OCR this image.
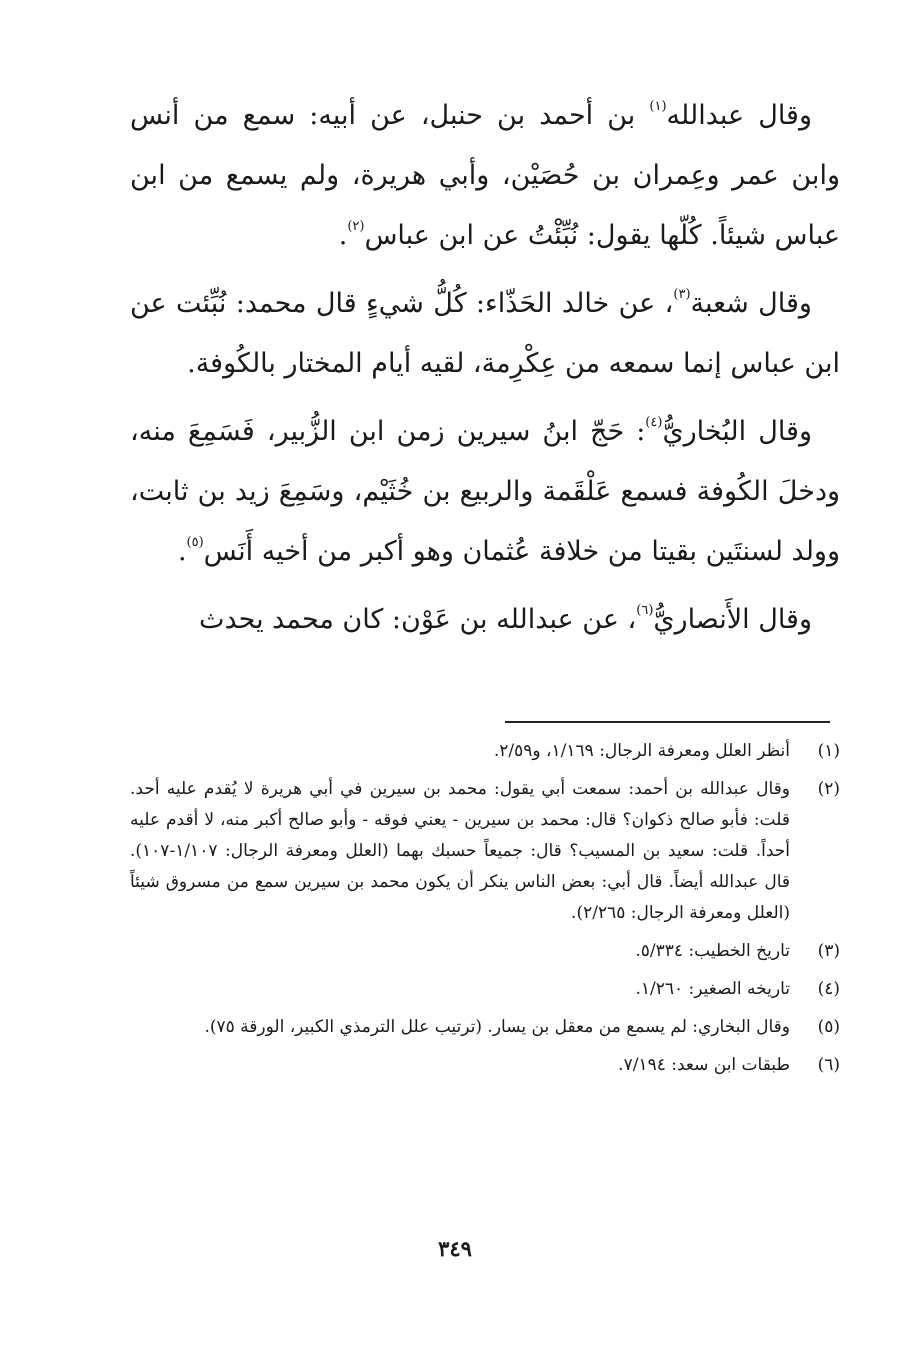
وقال عبدالله$^{(١)}$ بن أحمد بن حنبل، عن أبيه: سمع من أنس وابن عمر وعِمران بن حُصَيْن، وأبي هريرة، ولم يسمع من ابن عباس شيئاً. كُلّها يقول: نُبِّئْتُ عن ابن عباس$^{(٢)}$.

وقال شعبة$^{(٣)}$، عن خالد الحَذّاء: كُلُّ شيءٍ قال محمد: نُبِّئت عن ابن عباس إنما سمعه من عِكْرِمة، لقيه أيام المختار بالكُوفة.

وقال البُخاريُّ$^{(٤)}$: حَجّ ابنُ سيرين زمن ابن الزُّبير، فَسَمِعَ منه، ودخلَ الكُوفة فسمع عَلْقَمة والربيع بن خُثَيْم، وسَمِعَ زيد بن ثابت، وولد لسنتَين بقيتا من خلافة عُثمان وهو أكبر من أخيه أَنَس$^{(٥)}$.

وقال الأَنصاريُّ$^{(٦)}$، عن عبدالله بن عَوْن: كان محمد يحدث

(١)
أنظر العلل ومعرفة الرجال: ١/١٦٩، و٢/٥٩.
(٢)
وقال عبدالله بن أحمد: سمعت أبي يقول: محمد بن سيرين في أبي هريرة لا يُقدم عليه أحد. قلت: فأبو صالح ذكوان؟ قال: محمد بن سيرين - يعني فوقه - وأبو صالح أكبر منه، لا أقدم عليه أحداً. قلت: سعيد بن المسيب؟ قال: جميعاً حسبك بهما (العلل ومعرفة الرجال: ١/١٠٧-١٠٧). قال عبدالله أيضاً. قال أبي: بعض الناس ينكر أن يكون محمد بن سيرين سمع من مسروق شيئاً (العلل ومعرفة الرجال: ٢/٢٦٥).
(٣)
تاريخ الخطيب: ٥/٣٣٤.
(٤)
تاريخه الصغير: ١/٢٦٠.
(٥)
وقال البخاري: لم يسمع من معقل بن يسار. (ترتيب علل الترمذي الكبير، الورقة ٧٥).
(٦)
طبقات ابن سعد: ٧/١٩٤.
٣٤٩
